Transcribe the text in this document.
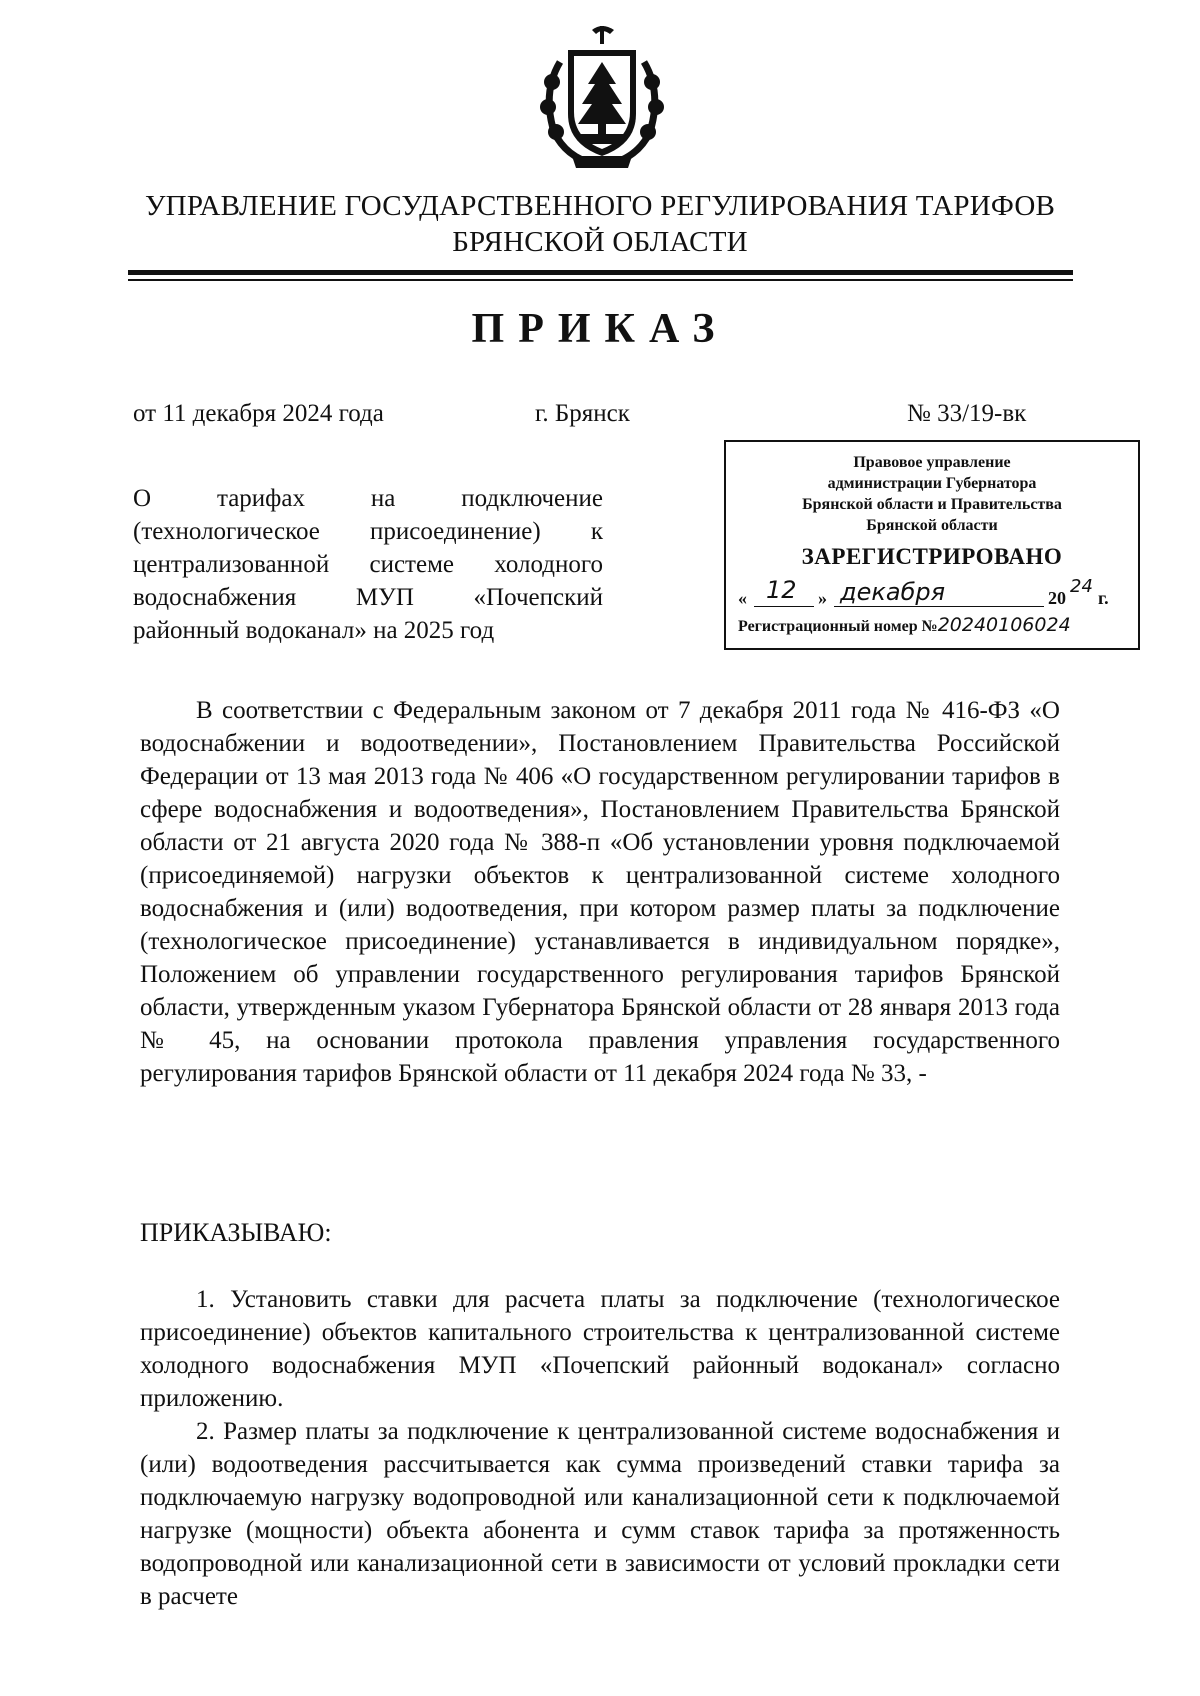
УПРАВЛЕНИЕ ГОСУДАРСТВЕННОГО РЕГУЛИРОВАНИЯ ТАРИФОВ
БРЯНСКОЙ ОБЛАСТИ
ПРИКАЗ
от 11 декабря 2024 года	г. Брянск	№ 33/19-вк
О тарифах на подключение (технологическое присоединение) к централизованной системе холодного водоснабжения МУП «Почепский районный водоканал» на 2025 год
Правовое управление
администрации Губернатора
Брянской области и Правительства
Брянской области
ЗАРЕГИСТРИРОВАНО
« 12 » декабря	20
24
г.
Регистрационный номер №20240106024
В соответствии с Федеральным законом от 7 декабря 2011 года № 416-ФЗ «О водоснабжении и водоотведении», Постановлением Правительства Российской Федерации от 13 мая 2013 года № 406 «О государственном регулировании тарифов в сфере водоснабжения и водоотведения», Постановлением Правительства Брянской области от 21 августа 2020 года № 388-п «Об установлении уровня подключаемой (присоединяемой) нагрузки объектов к централизованной системе холодного водоснабжения и (или) водоотведения, при котором размер платы за подключение (технологическое присоединение) устанавливается в индивидуальном порядке», Положением об управлении государственного регулирования тарифов Брянской области, утвержденным указом Губернатора Брянской области от 28 января 2013 года № 45, на основании протокола правления управления государственного регулирования тарифов Брянской области от 11 декабря 2024 года № 33, -
ПРИКАЗЫВАЮ:
1. Установить ставки для расчета платы за подключение (технологическое присоединение) объектов капитального строительства к централизованной системе холодного водоснабжения МУП «Почепский районный водоканал» согласно приложению.
2. Размер платы за подключение к централизованной системе водоснабжения и (или) водоотведения рассчитывается как сумма произведений ставки тарифа за подключаемую нагрузку водопроводной или канализационной сети к подключаемой нагрузке (мощности) объекта абонента и сумм ставок тарифа за протяженность водопроводной или канализационной сети в зависимости от условий прокладки сети в расчете
